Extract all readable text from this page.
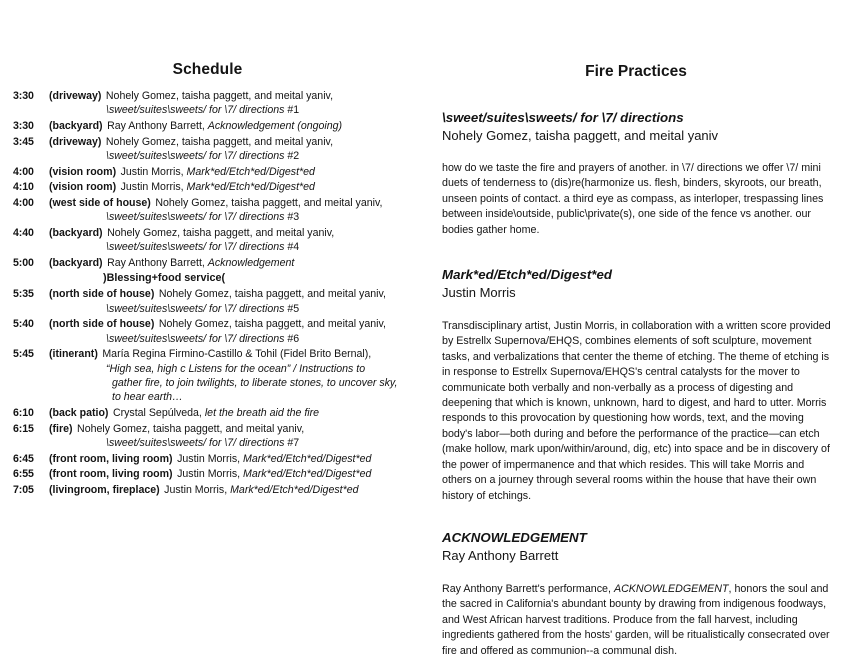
Schedule
3:30	(driveway) Nohely Gomez, taisha paggett, and meital yaniv,
\sweet/suites\sweets/ for \7/ directions #1
3:30	(backyard) Ray Anthony Barrett, Acknowledgement (ongoing)
3:45	(driveway) Nohely Gomez, taisha paggett, and meital yaniv,
\sweet/suites\sweets/ for \7/ directions #2
4:00	(vision room) Justin Morris, Mark*ed/Etch*ed/Digest*ed
4:10	(vision room) Justin Morris, Mark*ed/Etch*ed/Digest*ed
4:00	(west side of house) Nohely Gomez, taisha paggett, and meital yaniv,
\sweet/suites\sweets/ for \7/ directions #3
4:40	(backyard) Nohely Gomez, taisha paggett, and meital yaniv,
\sweet/suites\sweets/ for \7/ directions #4
5:00	(backyard) Ray Anthony Barrett, Acknowledgement
)Blessing+food service(
5:35	(north side of house) Nohely Gomez, taisha paggett, and meital yaniv,
\sweet/suites\sweets/ for \7/ directions #5
5:40	(north side of house) Nohely Gomez, taisha paggett, and meital yaniv,
\sweet/suites\sweets/ for \7/ directions #6
5:45	(itinerant) María Regina Firmino-Castillo & Tohil (Fidel Brito Bernal),
“High sea, high c Listens for the ocean” / Instructions to
gather fire, to join twilights, to liberate stones, to uncover sky,
to hear earth…
6:10	(back patio) Crystal Sepúlveda, let the breath aid the fire
6:15	(fire) Nohely Gomez, taisha paggett, and meital yaniv,
\sweet/suites\sweets/ for \7/ directions #7
6:45	(front room, living room) Justin Morris, Mark*ed/Etch*ed/Digest*ed
6:55	(front room, living room) Justin Morris, Mark*ed/Etch*ed/Digest*ed
7:05	(livingroom, fireplace) Justin Morris, Mark*ed/Etch*ed/Digest*ed
Fire Practices
\sweet/suites\sweets/ for \7/ directions
Nohely Gomez, taisha paggett, and meital yaniv

how do we taste the fire and prayers of another. in \7/ directions we offer \7/ mini duets of tenderness to (dis)re(harmonize us. flesh, binders, skyroots, our breath, unseen points of contact. a third eye as compass, as interloper, trespassing lines between inside\outside, public\private(s), one side of the fence vs another. our bodies gather home.

Mark*ed/Etch*ed/Digest*ed
Justin Morris

Transdisciplinary artist, Justin Morris, in collaboration with a written score provided by Estrellx Supernova/EHQS, combines elements of soft sculpture, movement tasks, and verbalizations that center the theme of etching. The theme of etching is in response to Estrellx Supernova/EHQS's central catalysts for the mover to communicate both verbally and non-verbally as a process of digesting and deepening that which is known, unknown, hard to digest, and hard to utter. Morris responds to this provocation by questioning how words, text, and the moving body's labor—both during and before the performance of the practice—can etch (make hollow, mark upon/within/around, dig, etc) into space and be in discovery of the power of impermanence and that which resides. This will take Morris and others on a journey through several rooms within the house that have their own history of etchings.

ACKNOWLEDGEMENT
Ray Anthony Barrett

Ray Anthony Barrett's performance, ACKNOWLEDGEMENT, honors the soul and the sacred in California's abundant bounty by drawing from indigenous foodways, and West African harvest traditions. Produce from the fall harvest, including ingredients gathered from the hosts' garden, will be ritualistically consecrated over fire and offered as communion--a communal dish.
